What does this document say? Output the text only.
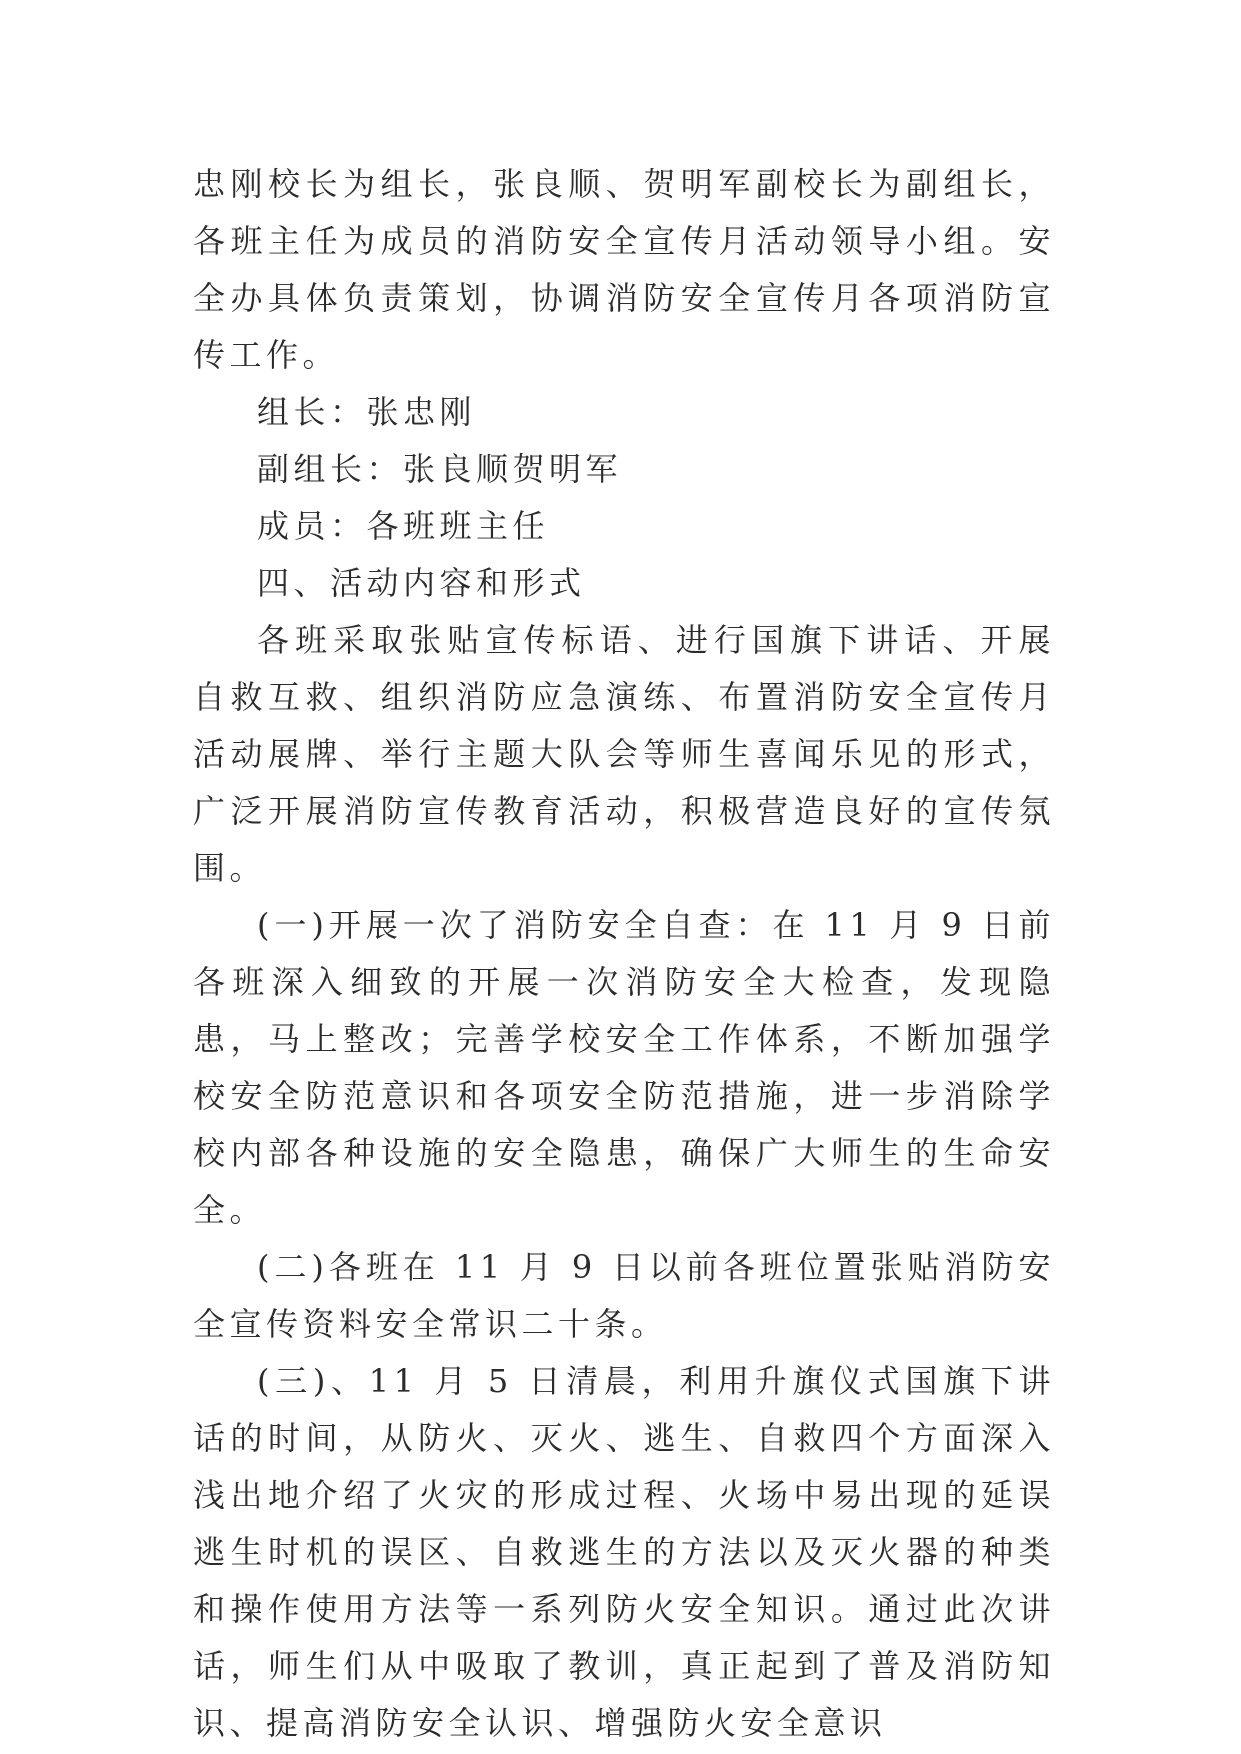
忠刚校长为组长，张良顺、贺明军副校长为副组长，各班主任为成员的消防安全宣传月活动领导小组。安全办具体负责策划，协调消防安全宣传月各项消防宣传工作。

组长：张忠刚

副组长：张良顺贺明军

成员：各班班主任

四、活动内容和形式

各班采取张贴宣传标语、进行国旗下讲话、开展自救互救、组织消防应急演练、布置消防安全宣传月活动展牌、举行主题大队会等师生喜闻乐见的形式，广泛开展消防宣传教育活动，积极营造良好的宣传氛围。

(一)开展一次了消防安全自查：在 11 月 9 日前各班深入细致的开展一次消防安全大检查，发现隐患，马上整改；完善学校安全工作体系，不断加强学校安全防范意识和各项安全防范措施，进一步消除学校内部各种设施的安全隐患，确保广大师生的生命安全。

(二)各班在 11 月 9 日以前各班位置张贴消防安全宣传资料安全常识二十条。

(三)、11 月 5 日清晨，利用升旗仪式国旗下讲话的时间，从防火、灭火、逃生、自救四个方面深入浅出地介绍了火灾的形成过程、火场中易出现的延误逃生时机的误区、自救逃生的方法以及灭火器的种类和操作使用方法等一系列防火安全知识。通过此次讲话，师生们从中吸取了教训，真正起到了普及消防知识、提高消防安全认识、增强防火安全意识
